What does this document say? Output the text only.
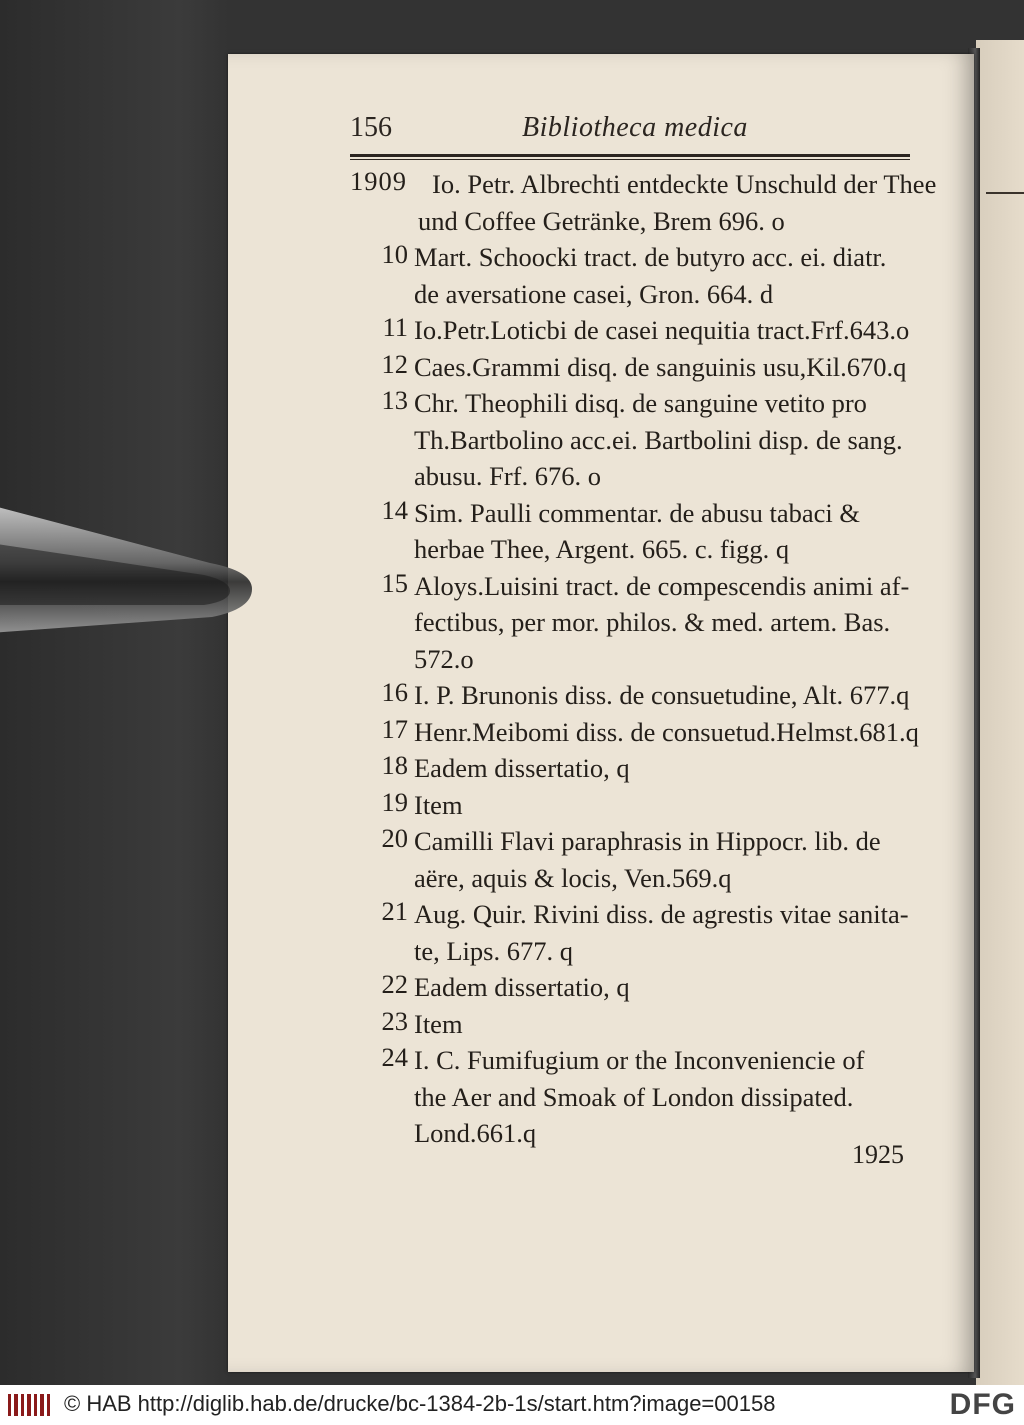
156	Bibliotheca medica
1909 Io. Petr. Albrechti entdeckte Unschuld der Thee
und Coffee Getränke, Brem 696. o
10 Mart. Schoocki tract. de butyro acc. ei. diatr.
de aversatione casei, Gron. 664. d
11 Io.Petr.Loticbi de casei nequitia tract.Frf.643.o
12 Caes.Grammi disq. de sanguinis usu,Kil.670.q
13 Chr. Theophili disq. de sanguine vetito pro
Th.Bartbolino acc.ei. Bartbolini disp. de sang.
abusu. Frf. 676. o
14 Sim. Paulli commentar. de abusu tabaci &
herbae Thee, Argent. 665. c. figg. q
15 Aloys.Luisini tract. de compescendis animi af-
fectibus, per mor. philos. & med. artem. Bas.
572.o
16 I. P. Brunonis diss. de consuetudine, Alt. 677.q
17 Henr.Meibomi diss. de consuetud.Helmst.681.q
18 Eadem dissertatio, q
19 Item
20 Camilli Flavi paraphrasis in Hippocr. lib. de
aëre, aquis & locis, Ven.569.q
21 Aug. Quir. Rivini diss. de agrestis vitae sanita-
te, Lips. 677. q
22 Eadem dissertatio, q
23 Item
24 I. C. Fumifugium or the Inconveniencie of
the Aer and Smoak of London dissipated.
Lond.661.q
1925
© HAB http://diglib.hab.de/drucke/bc-1384-2b-1s/start.htm?image=00158	DFG
